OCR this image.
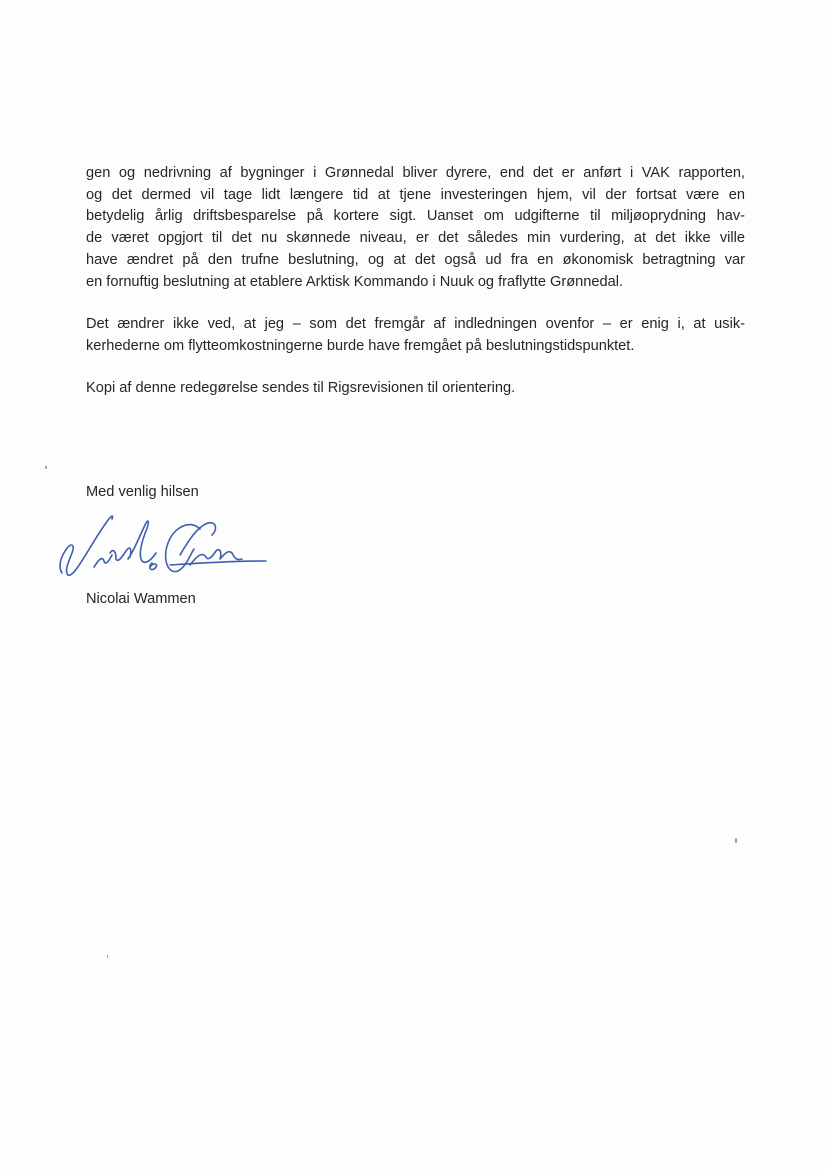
gen og nedrivning af bygninger i Grønnedal bliver dyrere, end det er anført i VAK rapporten,
og det dermed vil tage lidt længere tid at tjene investeringen hjem, vil der fortsat være en
betydelig årlig driftsbesparelse på kortere sigt. Uanset om udgifterne til miljøoprydning hav-
de været opgjort til det nu skønnede niveau, er det således min vurdering, at det ikke ville
have ændret på den trufne beslutning, og at det også ud fra en økonomisk betragtning var
en fornuftig beslutning at etablere Arktisk Kommando i Nuuk og fraflytte Grønnedal.
Det ændrer ikke ved, at jeg – som det fremgår af indledningen ovenfor – er enig i, at usik-
kerhederne om flytteomkostningerne burde have fremgået på beslutningstidspunktet.
Kopi af denne redegørelse sendes til Rigsrevisionen til orientering.
Med venlig hilsen
Nicolai Wammen
